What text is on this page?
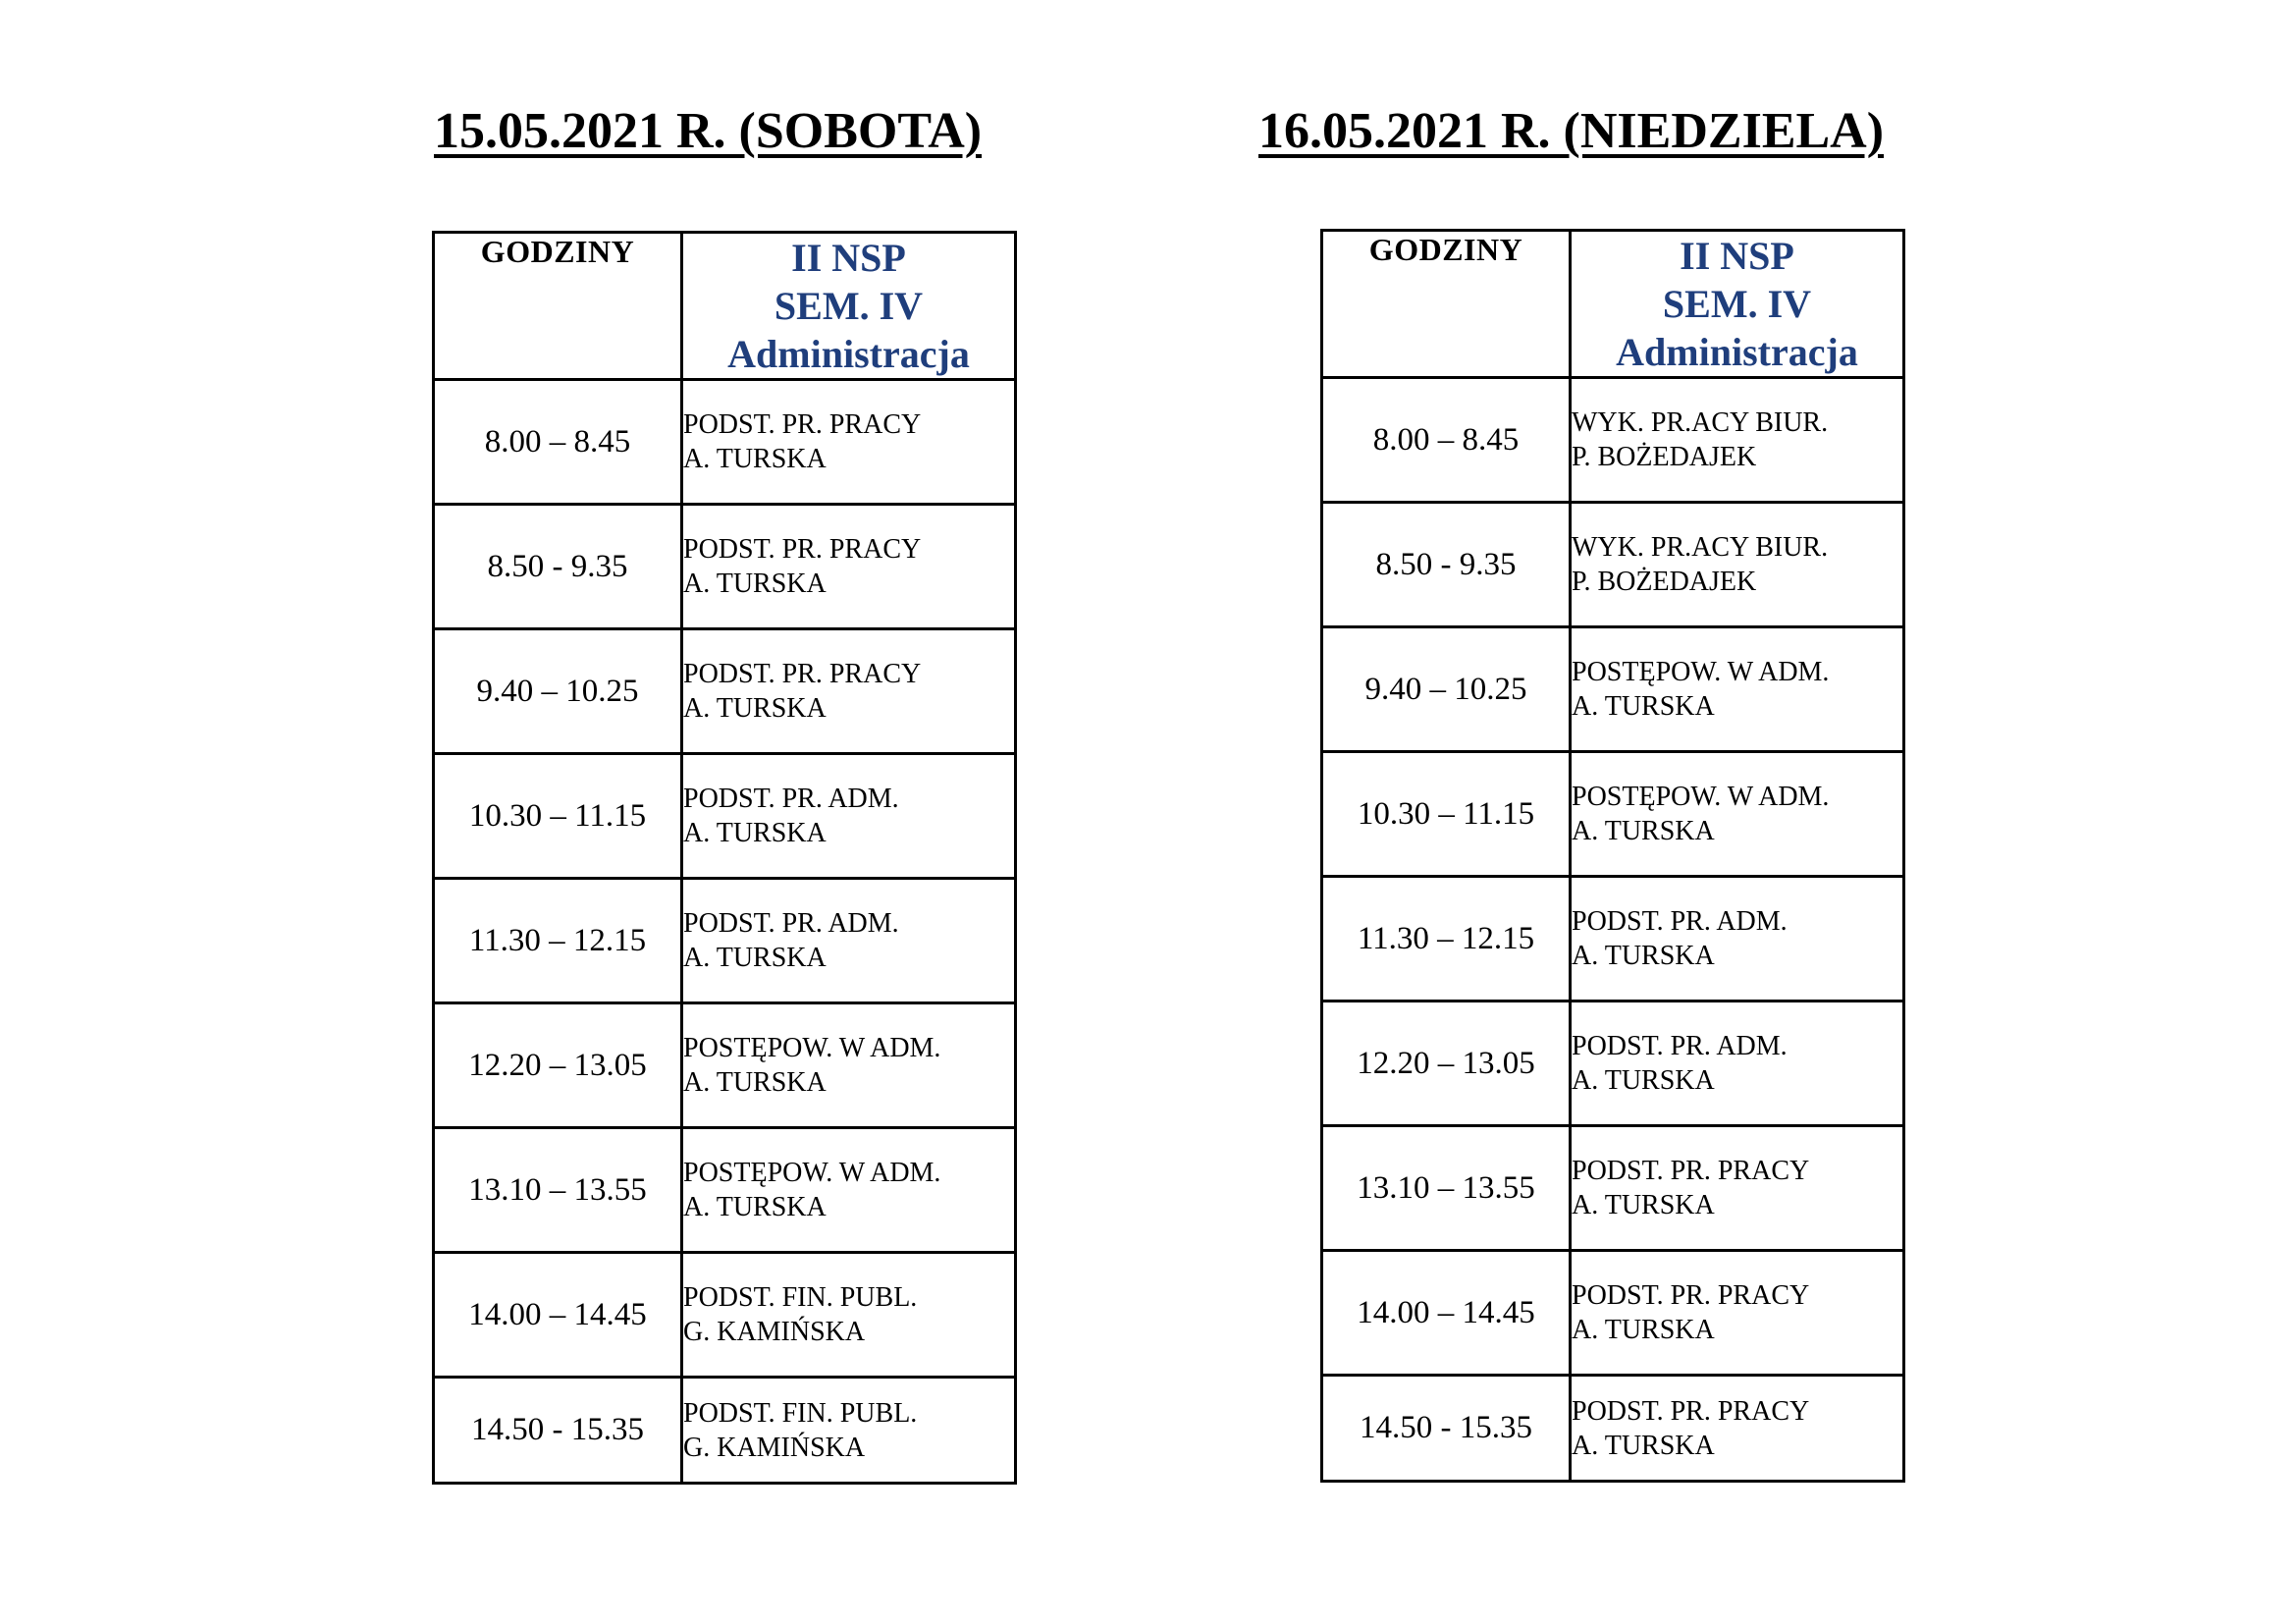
15.05.2021 R. (SOBOTA)
GODZINY	II NSP
SEM. IV
Administracja

8.00 – 8.45	PODST. PR. PRACY
A. TURSKA

8.50 - 9.35	PODST. PR. PRACY
A. TURSKA

9.40 – 10.25	PODST. PR. PRACY
A. TURSKA

10.30 – 11.15	PODST. PR. ADM.
A. TURSKA

11.30 – 12.15	PODST. PR. ADM.
A. TURSKA

12.20 – 13.05	POSTĘPOW. W ADM.
A. TURSKA

13.10 – 13.55	POSTĘPOW. W ADM.
A. TURSKA

14.00 – 14.45	PODST. FIN. PUBL.
G. KAMIŃSKA

14.50 - 15.35	PODST. FIN. PUBL.
G. KAMIŃSKA
16.05.2021 R. (NIEDZIELA)
GODZINY	II NSP
SEM. IV
Administracja

8.00 – 8.45	WYK. PR.ACY BIUR.
P. BOŻEDAJEK

8.50 - 9.35	WYK. PR.ACY BIUR.
P. BOŻEDAJEK

9.40 – 10.25	POSTĘPOW. W ADM.
A. TURSKA

10.30 – 11.15	POSTĘPOW. W ADM.
A. TURSKA

11.30 – 12.15	PODST. PR. ADM.
A. TURSKA

12.20 – 13.05	PODST. PR. ADM.
A. TURSKA

13.10 – 13.55	PODST. PR. PRACY
A. TURSKA

14.00 – 14.45	PODST. PR. PRACY
A. TURSKA

14.50 - 15.35	PODST. PR. PRACY
A. TURSKA
